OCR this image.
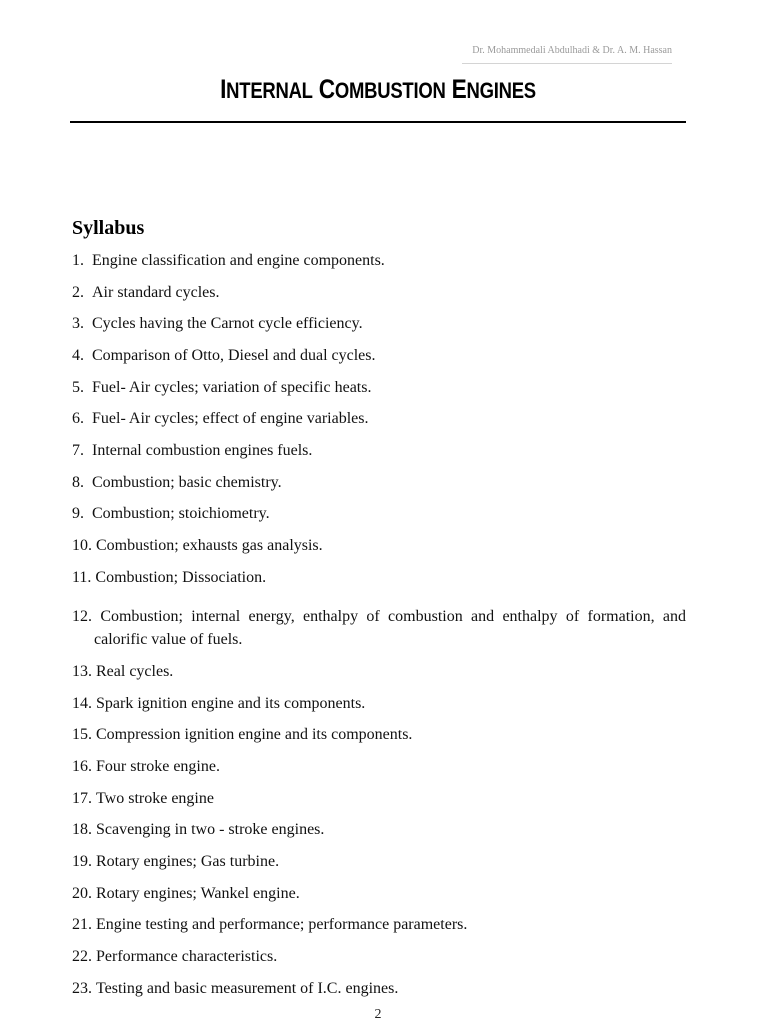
Dr. Mohammedali Abdulhadi & Dr. A. M. Hassan
INTERNAL COMBUSTION ENGINES
Syllabus
1. Engine classification and engine components.
2. Air standard cycles.
3. Cycles having the Carnot cycle efficiency.
4. Comparison of Otto, Diesel and dual cycles.
5. Fuel- Air cycles; variation of specific heats.
6. Fuel- Air cycles; effect of engine variables.
7. Internal combustion engines fuels.
8. Combustion; basic chemistry.
9. Combustion; stoichiometry.
10. Combustion; exhausts gas analysis.
11. Combustion; Dissociation.
12. Combustion; internal energy, enthalpy of combustion and enthalpy of formation, and calorific value of fuels.
13. Real cycles.
14. Spark ignition engine and its components.
15. Compression ignition engine and its components.
16. Four stroke engine.
17. Two stroke engine
18. Scavenging in two - stroke engines.
19. Rotary engines; Gas turbine.
20. Rotary engines; Wankel engine.
21. Engine testing and performance; performance parameters.
22. Performance characteristics.
23. Testing and basic measurement of I.C. engines.
2
